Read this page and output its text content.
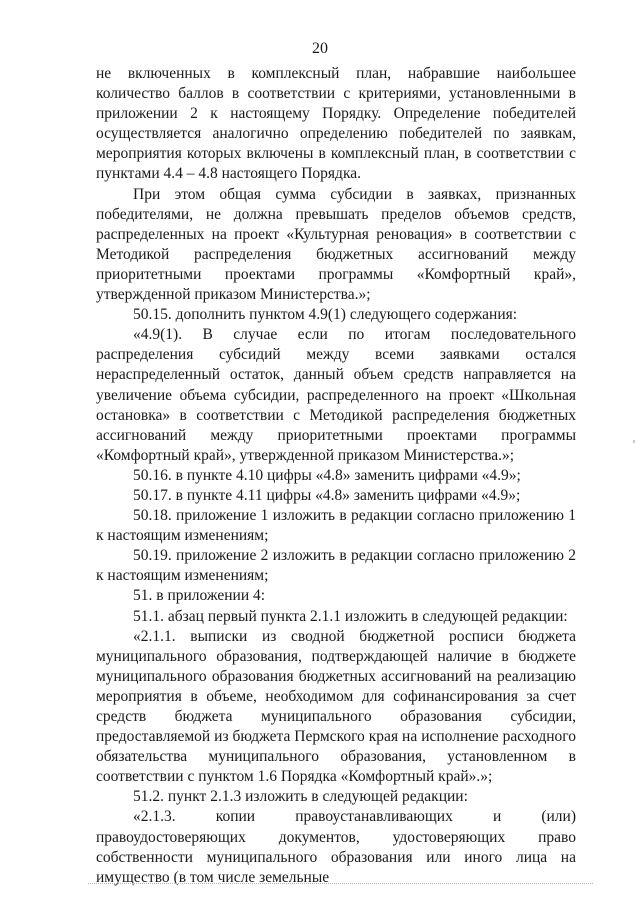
20

не включенных в комплексный план, набравшие наибольшее количество баллов в соответствии с критериями, установленными в приложении 2 к настоящему Порядку. Определение победителей осуществляется аналогично определению победителей по заявкам, мероприятия которых включены в комплексный план, в соответствии с пунктами 4.4 – 4.8 настоящего Порядка.

При этом общая сумма субсидии в заявках, признанных победителями, не должна превышать пределов объемов средств, распределенных на проект «Культурная реновация» в соответствии с Методикой распределения бюджетных ассигнований между приоритетными проектами программы «Комфортный край», утвержденной приказом Министерства.»;

50.15. дополнить пунктом 4.9(1) следующего содержания:

«4.9(1). В случае если по итогам последовательного распределения субсидий между всеми заявками остался нераспределенный остаток, данный объем средств направляется на увеличение объема субсидии, распределенного на проект «Школьная остановка» в соответствии с Методикой распределения бюджетных ассигнований между приоритетными проектами программы «Комфортный край», утвержденной приказом Министерства.»;

50.16. в пункте 4.10 цифры «4.8» заменить цифрами «4.9»;

50.17. в пункте 4.11 цифры «4.8» заменить цифрами «4.9»;

50.18. приложение 1 изложить в редакции согласно приложению 1 к настоящим изменениям;

50.19. приложение 2 изложить в редакции согласно приложению 2 к настоящим изменениям;

51. в приложении 4:

51.1. абзац первый пункта 2.1.1 изложить в следующей редакции:

«2.1.1. выписки из сводной бюджетной росписи бюджета муниципального образования, подтверждающей наличие в бюджете муниципального образования бюджетных ассигнований на реализацию мероприятия в объеме, необходимом для софинансирования за счет средств бюджета муниципального образования субсидии, предоставляемой из бюджета Пермского края на исполнение расходного обязательства муниципального образования, установленном в соответствии с пунктом 1.6 Порядка «Комфортный край».»;

51.2. пункт 2.1.3 изложить в следующей редакции:

«2.1.3. копии правоустанавливающих и (или) правоудостоверяющих документов, удостоверяющих право собственности муниципального образования или иного лица на имущество (в том числе земельные
